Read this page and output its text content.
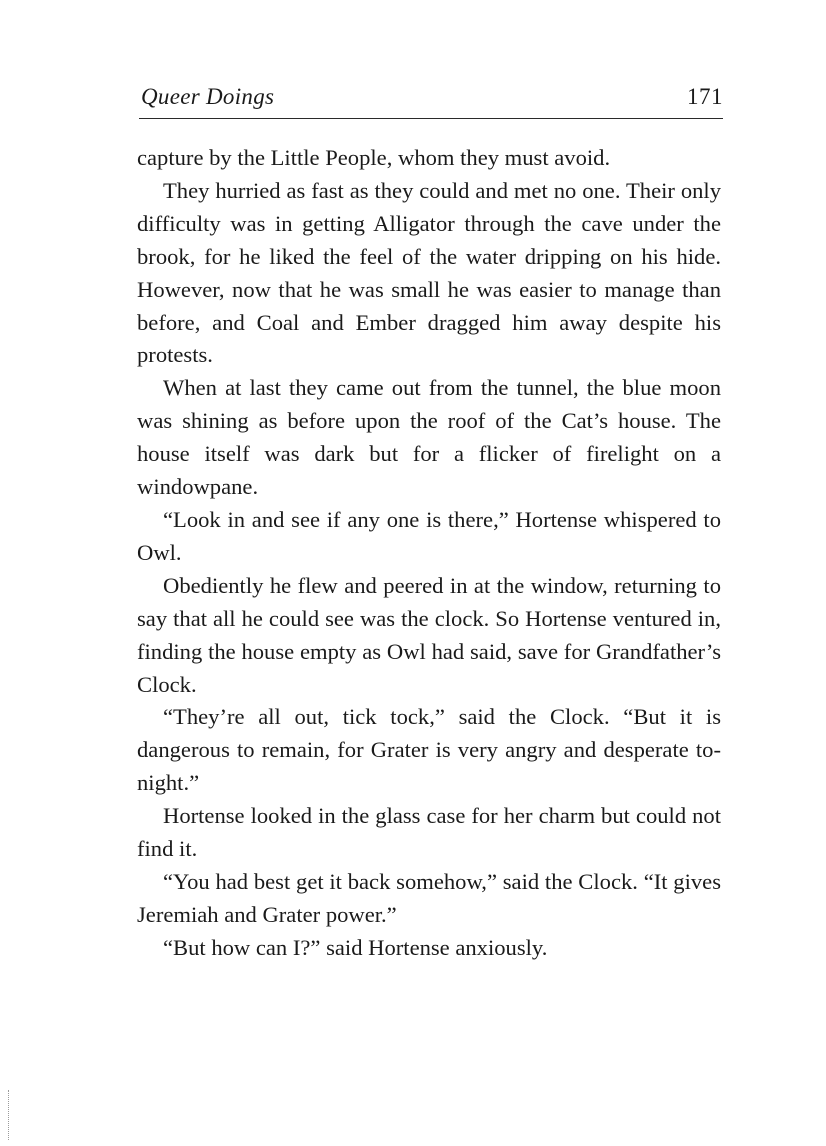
Queer Doings	171

capture by the Little People, whom they must avoid.

They hurried as fast as they could and met no one. Their only difficulty was in getting Alligator through the cave under the brook, for he liked the feel of the water dripping on his hide. However, now that he was small he was easier to manage than before, and Coal and Ember dragged him away despite his protests.

When at last they came out from the tunnel, the blue moon was shining as before upon the roof of the Cat’s house. The house itself was dark but for a flicker of firelight on a windowpane.

“Look in and see if any one is there,” Hortense whispered to Owl.

Obediently he flew and peered in at the window, returning to say that all he could see was the clock. So Hortense ventured in, finding the house empty as Owl had said, save for Grandfather’s Clock.

“They’re all out, tick tock,” said the Clock. “But it is dangerous to remain, for Grater is very angry and desperate to-night.”

Hortense looked in the glass case for her charm but could not find it.

“You had best get it back somehow,” said the Clock. “It gives Jeremiah and Grater power.”

“But how can I?” said Hortense anxiously.
